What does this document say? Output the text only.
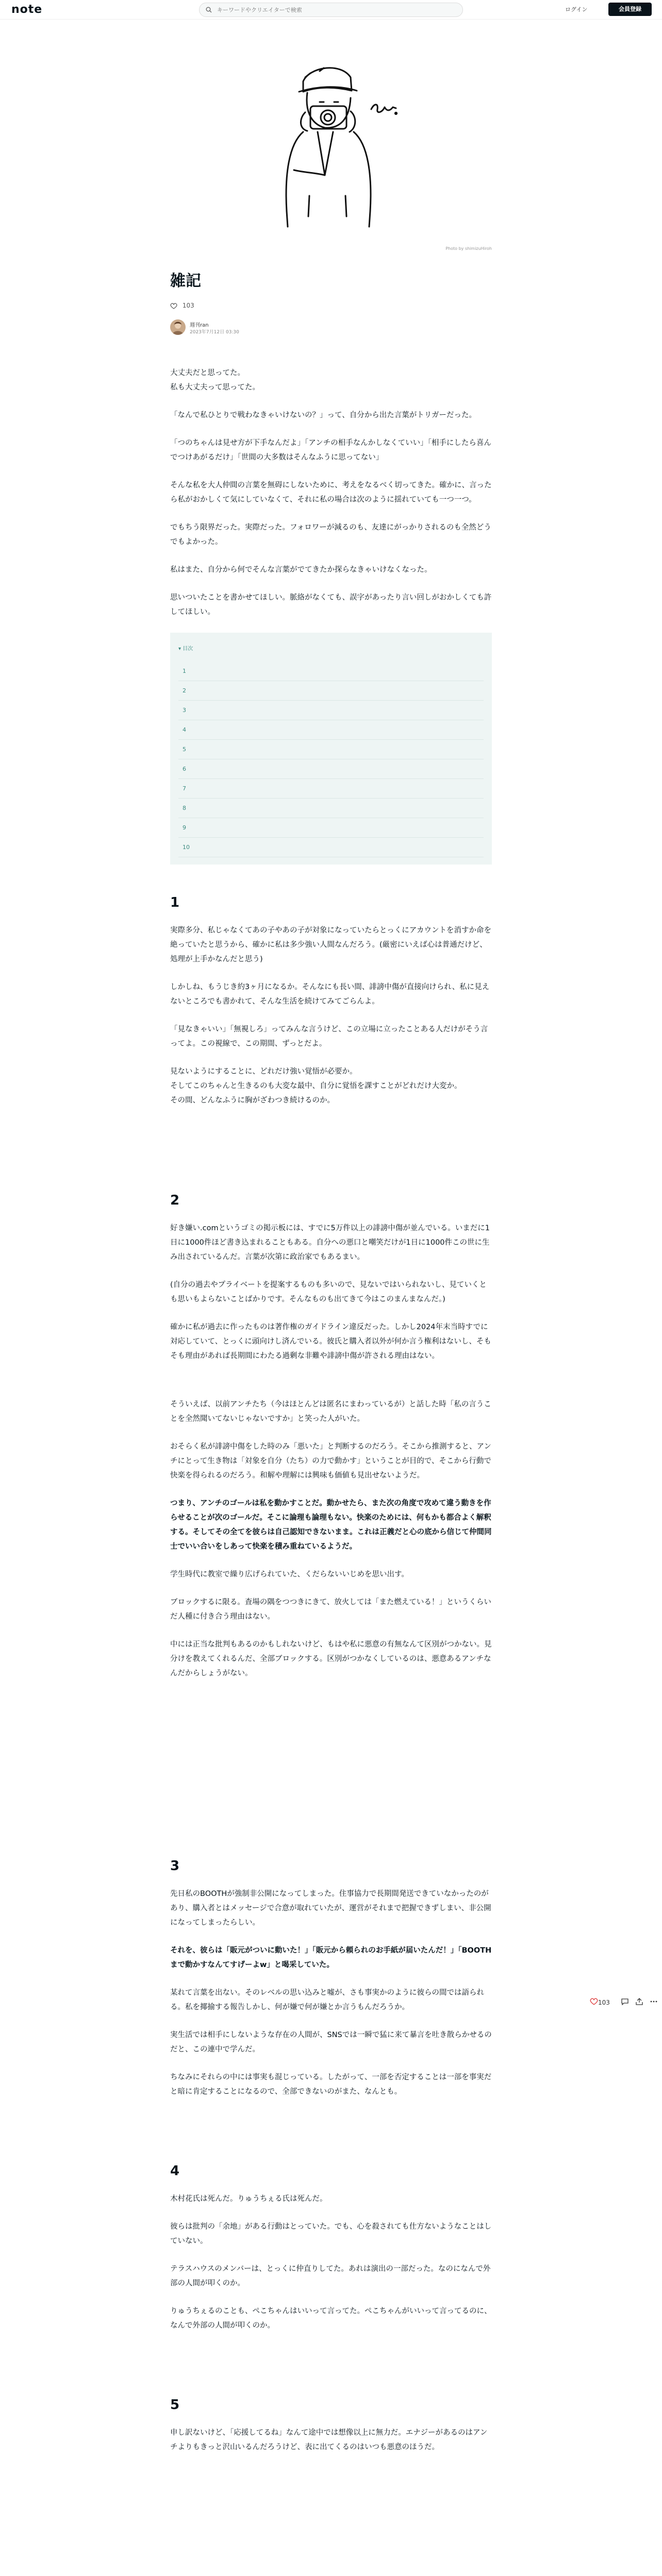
note
キーワードやクリエイターで検索	ログイン	会員登録
Photo by shimizuHiroh
雑記
103
週刊ran
2023年7月12日 03:30
大丈夫だと思ってた。
私も大丈夫って思ってた。
「なんで私ひとりで戦わなきゃいけないの？」って、自分から出た言葉がトリガーだった。
「つのちゃんは見せ方が下手なんだよ」「アンチの相手なんかしなくていい」「相手にしたら喜んでつけあがるだけ」「世間の大多数はそんなふうに思ってない」
そんな私を大人仲間の言葉を無碍にしないために、考えをなるべく切ってきた。確かに、言ったら私がおかしくて気にしていなくて、それに私の場合は次のように揺れていても一つ一つ。
でもちう限界だった。実際だった。フォロワーが減るのも、友達にがっかりされるのも全然どうでもよかった。
私はまた、自分から何でそんな言葉がでてきたか探らなきゃいけなくなった。
思いついたことを書かせてほしい。脈絡がなくても、誤字があったり言い回しがおかしくても許してほしい。
▾ 目次
1
2
3
4
5
6
7
8
9
10
1
実際多分、私じゃなくてあの子やあの子が対象になっていたらとっくにアカウントを消すか命を絶っていたと思うから、確かに私は多少強い人間なんだろう。(厳密にいえば心は普通だけど、処理が上手かなんだと思う)
しかしね、もうじき約3ヶ月になるか。そんなにも長い間、誹謗中傷が直接向けられ、私に見えないところでも書かれて、そんな生活を続けてみてごらんよ。
「見なきゃいい」「無視しろ」ってみんな言うけど、この立場に立ったことある人だけがそう言ってよ。この視線で、この期間、ずっとだよ。
見ないようにすることに、どれだけ強い覚悟が必要か。
そしてこのちゃんと生きるのも大変な最中、自分に覚悟を課すことがどれだけ大変か。
その間、どんなふうに胸がざわつき続けるのか。
2
好き嫌い.comというゴミの掲示板には、すでに5万件以上の誹謗中傷が並んでいる。いまだに1日に1000件ほど書き込まれることもある。自分への悪口と嘲笑だけが1日に1000件この世に生み出されているんだ。言葉が次第に政治家でもあるまい。
(自分の過去やプライベートを提案するものも多いので、見ないではいられないし、見ていくとも思いもよらないことばかりです。そんなものも出てきて今はこのまんまなんだ。)
確かに私が過去に作ったものは著作権のガイドライン違反だった。しかし2024年末当時すでに対応していて、とっくに頭向けし済んでいる。彼氏と購入者以外が何か言う権利はないし、そもそも理由があれば長期間にわたる過剰な非難や誹謗中傷が許される理由はない。
そういえば、以前アンチたち（今はほとんどは匿名にまわっているが）と話した時「私の言うことを全然聞いてないじゃないですか」と笑った人がいた。
おそらく私が誹謗中傷をした時のみ「悪いた」と判断するのだろう。そこから推測すると、アンチにとって生き物は「対象を自分（たち）の力で動かす」ということが目的で、そこから行動で快楽を得られるのだろう。和解や理解には興味も価値も見出せないようだ。
つまり、アンチのゴールは私を動かすことだ。動かせたら、また次の角度で攻めて違う動きを作らせることが次のゴールだ。そこに論理も論理もない。快楽のためには、何もかも都合よく解釈する。そしてその全てを彼らは自己認知できないまま。これは正義だと心の底から信じて仲間同士でいい合いをしあって快楽を積み重ねているようだ。
学生時代に教室で繰り広げられていた、くだらないいじめを思い出す。
ブロックするに限る。査場の隅をつつきにきて、放火しては「また燃えている！」というくらいだ人種に付き合う理由はない。
中には正当な批判もあるのかもしれないけど、もはや私に悪意の有無なんて区別がつかない。見分けを教えてくれるんだ、全部ブロックする。区別がつかなくしているのは、悪意あるアンチなんだからしょうがない。
3
先日私のBOOTHが強制非公開になってしまった。住事協力で長期間発送できていなかったのがあり、購入者とはメッセージで合意が取れていたが、運営がそれまで把握できずしまい、非公開になってしまったらしい。
それを、彼らは「販元がついに動いた！」「販元から頼られのお手紙が届いたんだ！」「BOOTHまで動かすなんてすげーよw」と喝采していた。
某れて言葉を出ない。そのレベルの思い込みと嘘が、さも事実かのように彼らの間では語られる。私を揶揄する報告しかし、何が嫌で何が嫌とか言うもんだろうか。
実生活では相手にしないような存在の人間が、SNSでは一瞬で猛に来て暴言を吐き散らかせるのだと、この連中で学んだ。
ちなみにそれらの中には事実も混じっている。したがって、一部を否定することは一部を事実だと暗に肯定することになるので、全部できないのがまた、なんとも。
4
木村花氏は死んだ。りゅうちぇる氏は死んだ。
彼らは批判の「余地」がある行動はとっていた。でも、心を殺されても仕方ないようなことはしていない。
テラスハウスのメンバーは、とっくに仲直りしてた。あれは演出の一部だった。なのになんで外部の人間が叩くのか。
りゅうちぇるのことも、ぺこちゃんはいいって言ってた。ぺこちゃんがいいって言ってるのに、なんで外部の人間が叩くのか。
5
申し訳ないけど、「応援してるね」なんて途中では想像以上に無力だ。エナジーがあるのはアンチよりもきっと沢山いるんだろうけど、表に出てくるのはいつも悪意のほうだ。
103
